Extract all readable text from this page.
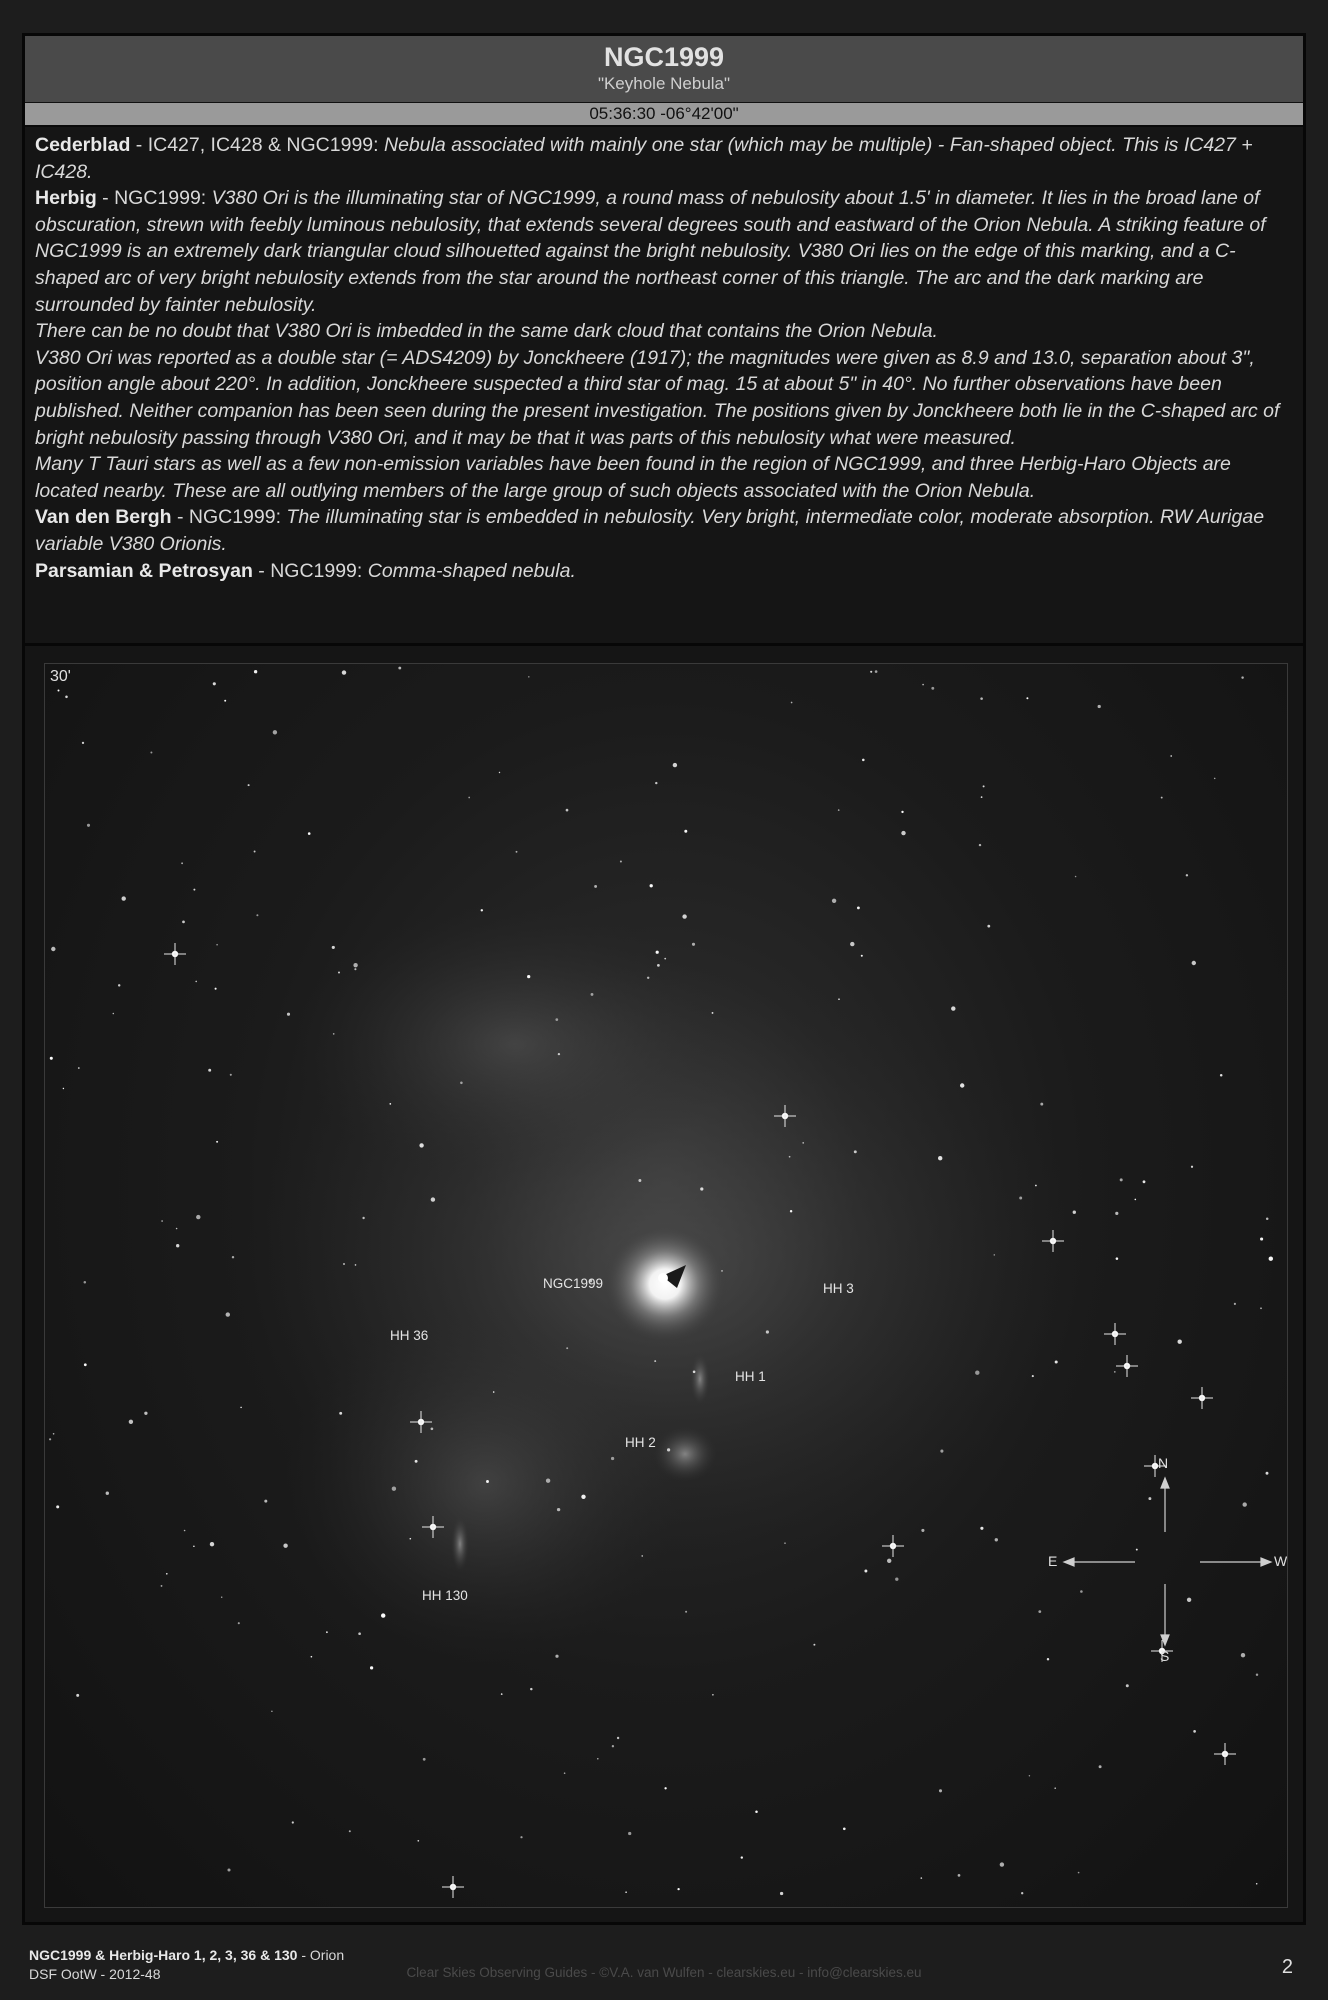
NGC1999
"Keyhole Nebula"
05:36:30 -06°42'00"

Cederblad - IC427, IC428 & NGC1999: Nebula associated with mainly one star (which may be multiple) - Fan-shaped object. This is IC427 + IC428.

Herbig - NGC1999: V380 Ori is the illuminating star of NGC1999, a round mass of nebulosity about 1.5' in diameter. It lies in the broad lane of obscuration, strewn with feebly luminous nebulosity, that extends several degrees south and eastward of the Orion Nebula. A striking feature of NGC1999 is an extremely dark triangular cloud silhouetted against the bright nebulosity. V380 Ori lies on the edge of this marking, and a C-shaped arc of very bright nebulosity extends from the star around the northeast corner of this triangle. The arc and the dark marking are surrounded by fainter nebulosity.

There can be no doubt that V380 Ori is imbedded in the same dark cloud that contains the Orion Nebula.

V380 Ori was reported as a double star (= ADS4209) by Jonckheere (1917); the magnitudes were given as 8.9 and 13.0, separation about 3", position angle about 220°. In addition, Jonckheere suspected a third star of mag. 15 at about 5" in 40°. No further observations have been published. Neither companion has been seen during the present investigation. The positions given by Jonckheere both lie in the C-shaped arc of bright nebulosity passing through V380 Ori, and it may be that it was parts of this nebulosity what were measured.

Many T Tauri stars as well as a few non-emission variables have been found in the region of NGC1999, and three Herbig-Haro Objects are located nearby. These are all outlying members of the large group of such objects associated with the Orion Nebula.

Van den Bergh - NGC1999: The illuminating star is embedded in nebulosity. Very bright, intermediate color, moderate absorption. RW Aurigae variable V380 Orionis.

Parsamian & Petrosyan - NGC1999: Comma-shaped nebula.

30'
NGC1999	HH 3
HH 36
HH 1
HH 2
HH 130
N
S
E	W
NGC1999 & Herbig-Haro 1, 2, 3, 36 & 130 - Orion
DSF OotW - 2012-48	Clear Skies Observing Guides - ©V.A. van Wulfen - clearskies.eu - info@clearskies.eu	2
